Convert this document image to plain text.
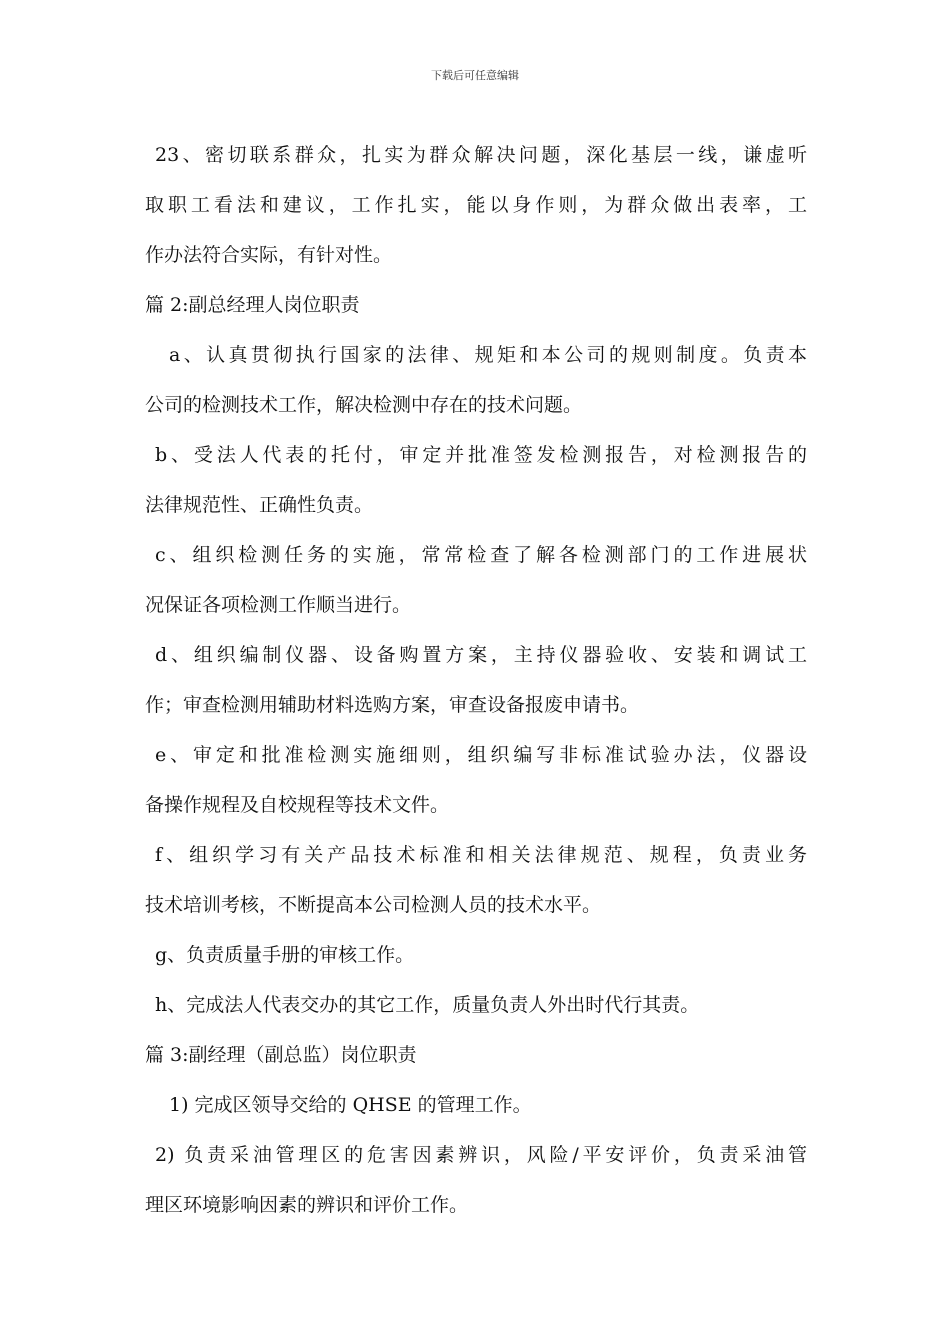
下载后可任意编辑
23、密切联系群众，扎实为群众解决问题，深化基层一线，谦虚听
取职工看法和建议，工作扎实，能以身作则，为群众做出表率，工
作办法符合实际，有针对性。
篇 2:副总经理人岗位职责
a、认真贯彻执行国家的法律、规矩和本公司的规则制度。负责本
公司的检测技术工作，解决检测中存在的技术问题。
b、受法人代表的托付，审定并批准签发检测报告，对检测报告的
法律规范性、正确性负责。
c、组织检测任务的实施，常常检查了解各检测部门的工作进展状
况保证各项检测工作顺当进行。
d、组织编制仪器、设备购置方案，主持仪器验收、安装和调试工
作；审查检测用辅助材料选购方案，审查设备报废申请书。
e、审定和批准检测实施细则，组织编写非标准试验办法，仪器设
备操作规程及自校规程等技术文件。
f、组织学习有关产品技术标准和相关法律规范、规程，负责业务
技术培训考核，不断提高本公司检测人员的技术水平。
g、负责质量手册的审核工作。
h、完成法人代表交办的其它工作，质量负责人外出时代行其责。
篇 3:副经理（副总监）岗位职责
1) 完成区领导交给的 QHSE 的管理工作。
2) 负责采油管理区的危害因素辨识，风险/平安评价，负责采油管
理区环境影响因素的辨识和评价工作。
